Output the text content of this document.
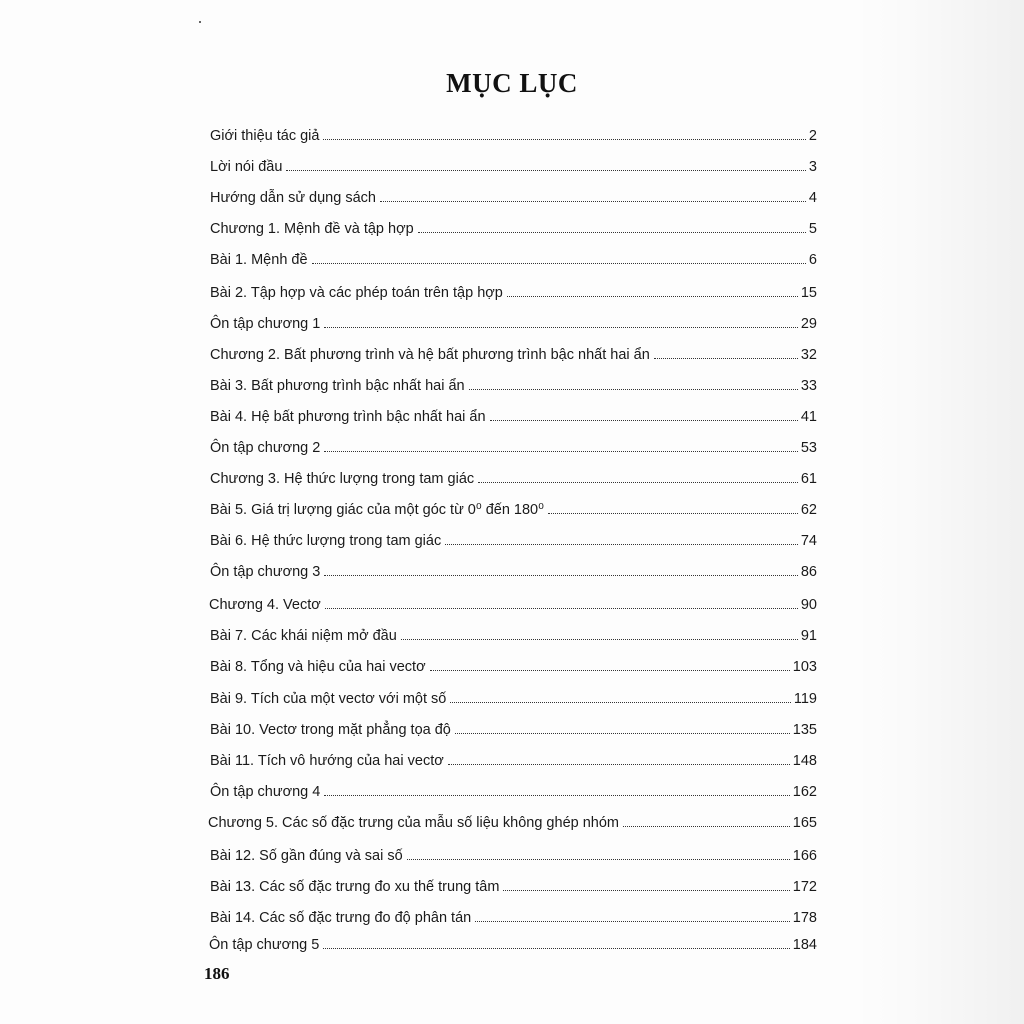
MỤC LỤC
Giới thiệu tác giả	2
Lời nói đầu	3
Hướng dẫn sử dụng sách	4
Chương 1. Mệnh đề và tập hợp	5
Bài 1. Mệnh đề	6
Bài 2. Tập hợp và các phép toán trên tập hợp	15
Ôn tập chương 1	29
Chương 2. Bất phương trình và hệ bất phương trình bậc nhất hai ẩn	32
Bài 3. Bất phương trình bậc nhất hai ẩn	33
Bài 4. Hệ bất phương trình bậc nhất hai ẩn	41
Ôn tập chương 2	53
Chương 3. Hệ thức lượng trong tam giác	61
Bài 5. Giá trị lượng giác của một góc từ 0⁰ đến 180⁰	62
Bài 6. Hệ thức lượng trong tam giác	74
Ôn tập chương 3	86
Chương 4. Vectơ	90
Bài 7. Các khái niệm mở đầu	91
Bài 8. Tổng và hiệu của hai vectơ	103
Bài 9. Tích của một vectơ với một số	119
Bài 10. Vectơ trong mặt phẳng tọa độ	135
Bài 11. Tích vô hướng của hai vectơ	148
Ôn tập chương 4	162
Chương 5. Các số đặc trưng của mẫu số liệu không ghép nhóm	165
Bài 12. Số gần đúng và sai số	166
Bài 13. Các số đặc trưng đo xu thế trung tâm	172
Bài 14. Các số đặc trưng đo độ phân tán	178
Ôn tập chương 5	184
186
